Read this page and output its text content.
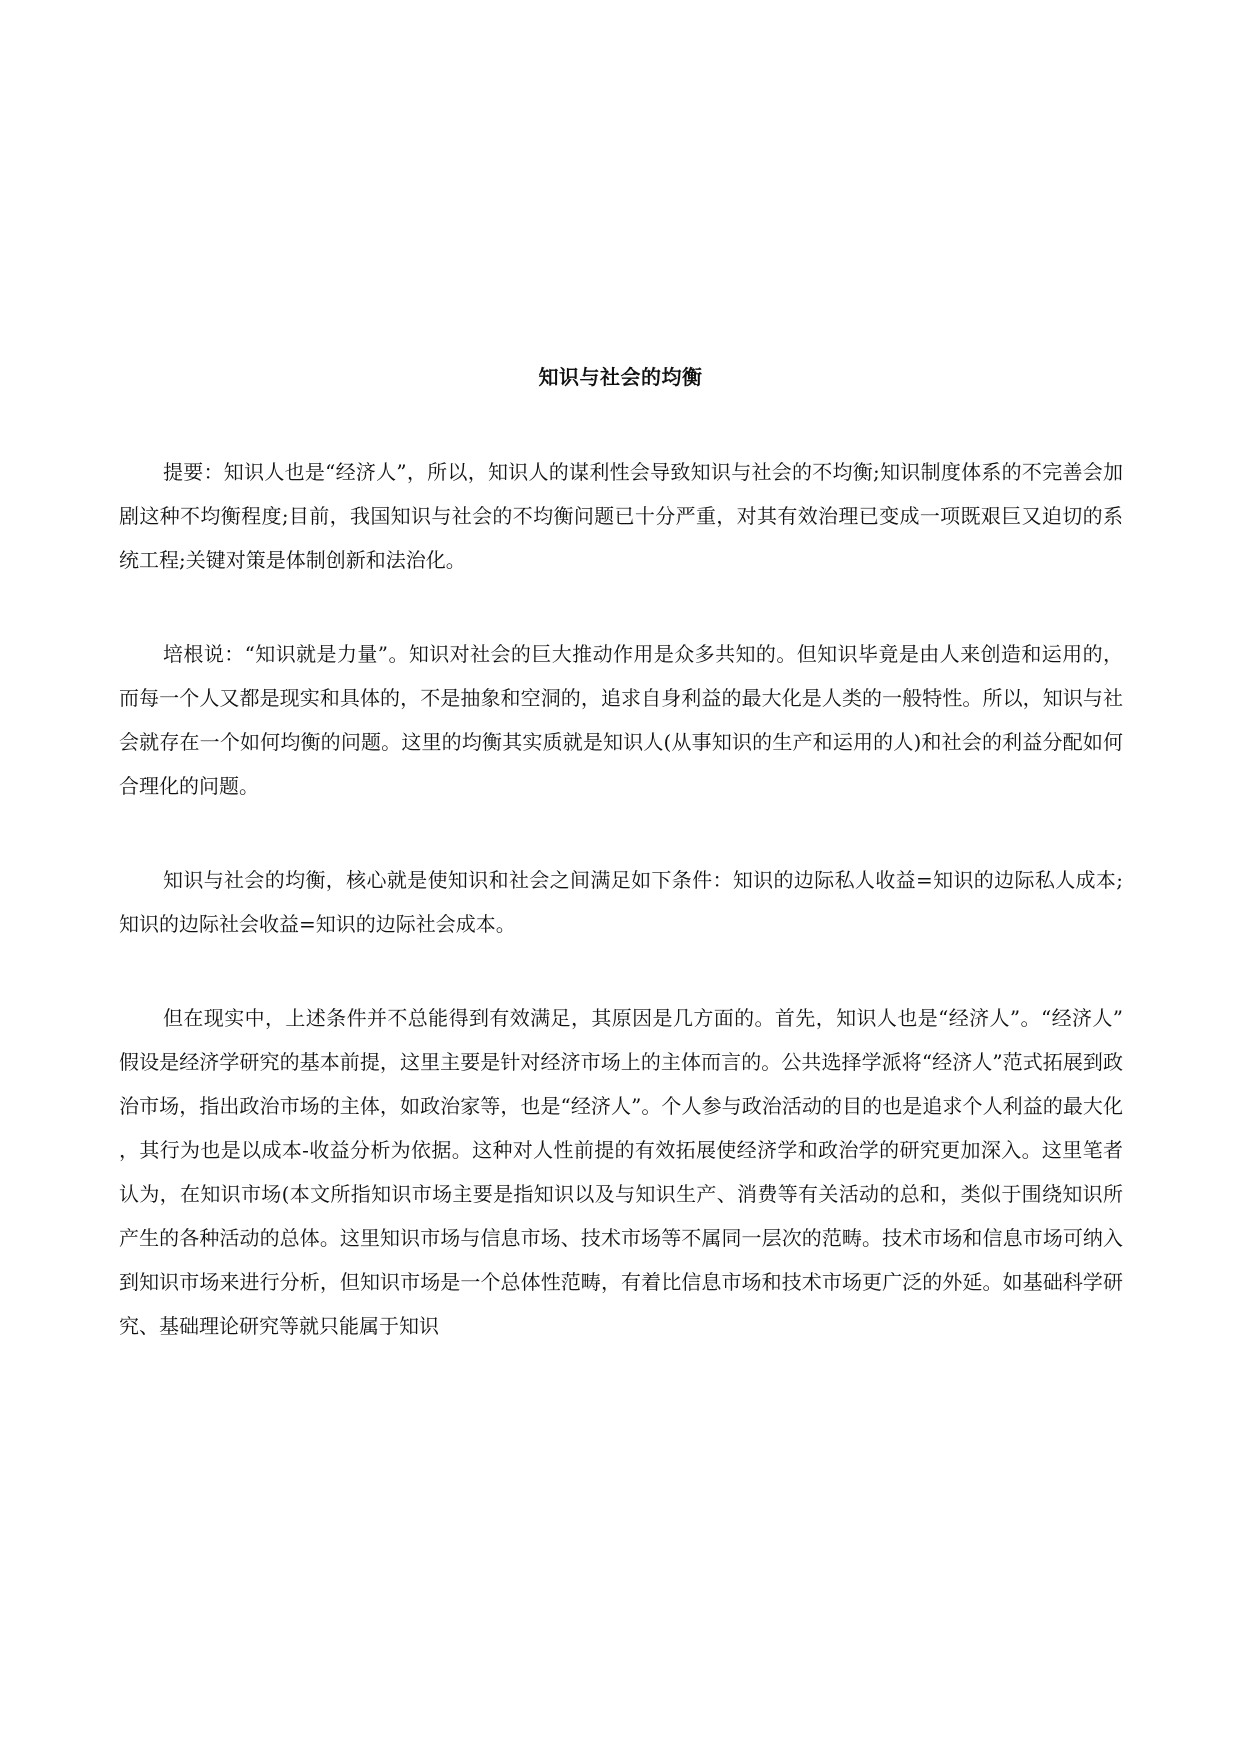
知识与社会的均衡

提要：知识人也是“经济人”，所以，知识人的谋利性会导致知识与社会的不均衡;知识制度体系的不完善会加剧这种不均衡程度;目前，我国知识与社会的不均衡问题已十分严重，对其有效治理已变成一项既艰巨又迫切的系统工程;关键对策是体制创新和法治化。

培根说：“知识就是力量”。知识对社会的巨大推动作用是众多共知的。但知识毕竟是由人来创造和运用的，而每一个人又都是现实和具体的，不是抽象和空洞的，追求自身利益的最大化是人类的一般特性。所以，知识与社会就存在一个如何均衡的问题。这里的均衡其实质就是知识人(从事知识的生产和运用的人)和社会的利益分配如何合理化的问题。

知识与社会的均衡，核心就是使知识和社会之间满足如下条件：知识的边际私人收益=知识的边际私人成本;知识的边际社会收益=知识的边际社会成本。

但在现实中，上述条件并不总能得到有效满足，其原因是几方面的。首先，知识人也是“经济人”。“经济人”假设是经济学研究的基本前提，这里主要是针对经济市场上的主体而言的。公共选择学派将“经济人”范式拓展到政治市场，指出政治市场的主体，如政治家等，也是“经济人”。个人参与政治活动的目的也是追求个人利益的最大化，其行为也是以成本-收益分析为依据。这种对人性前提的有效拓展使经济学和政治学的研究更加深入。这里笔者认为，在知识市场(本文所指知识市场主要是指知识以及与知识生产、消费等有关活动的总和，类似于围绕知识所产生的各种活动的总体。这里知识市场与信息市场、技术市场等不属同一层次的范畴。技术市场和信息市场可纳入到知识市场来进行分析，但知识市场是一个总体性范畴，有着比信息市场和技术市场更广泛的外延。如基础科学研究、基础理论研究等就只能属于知识
